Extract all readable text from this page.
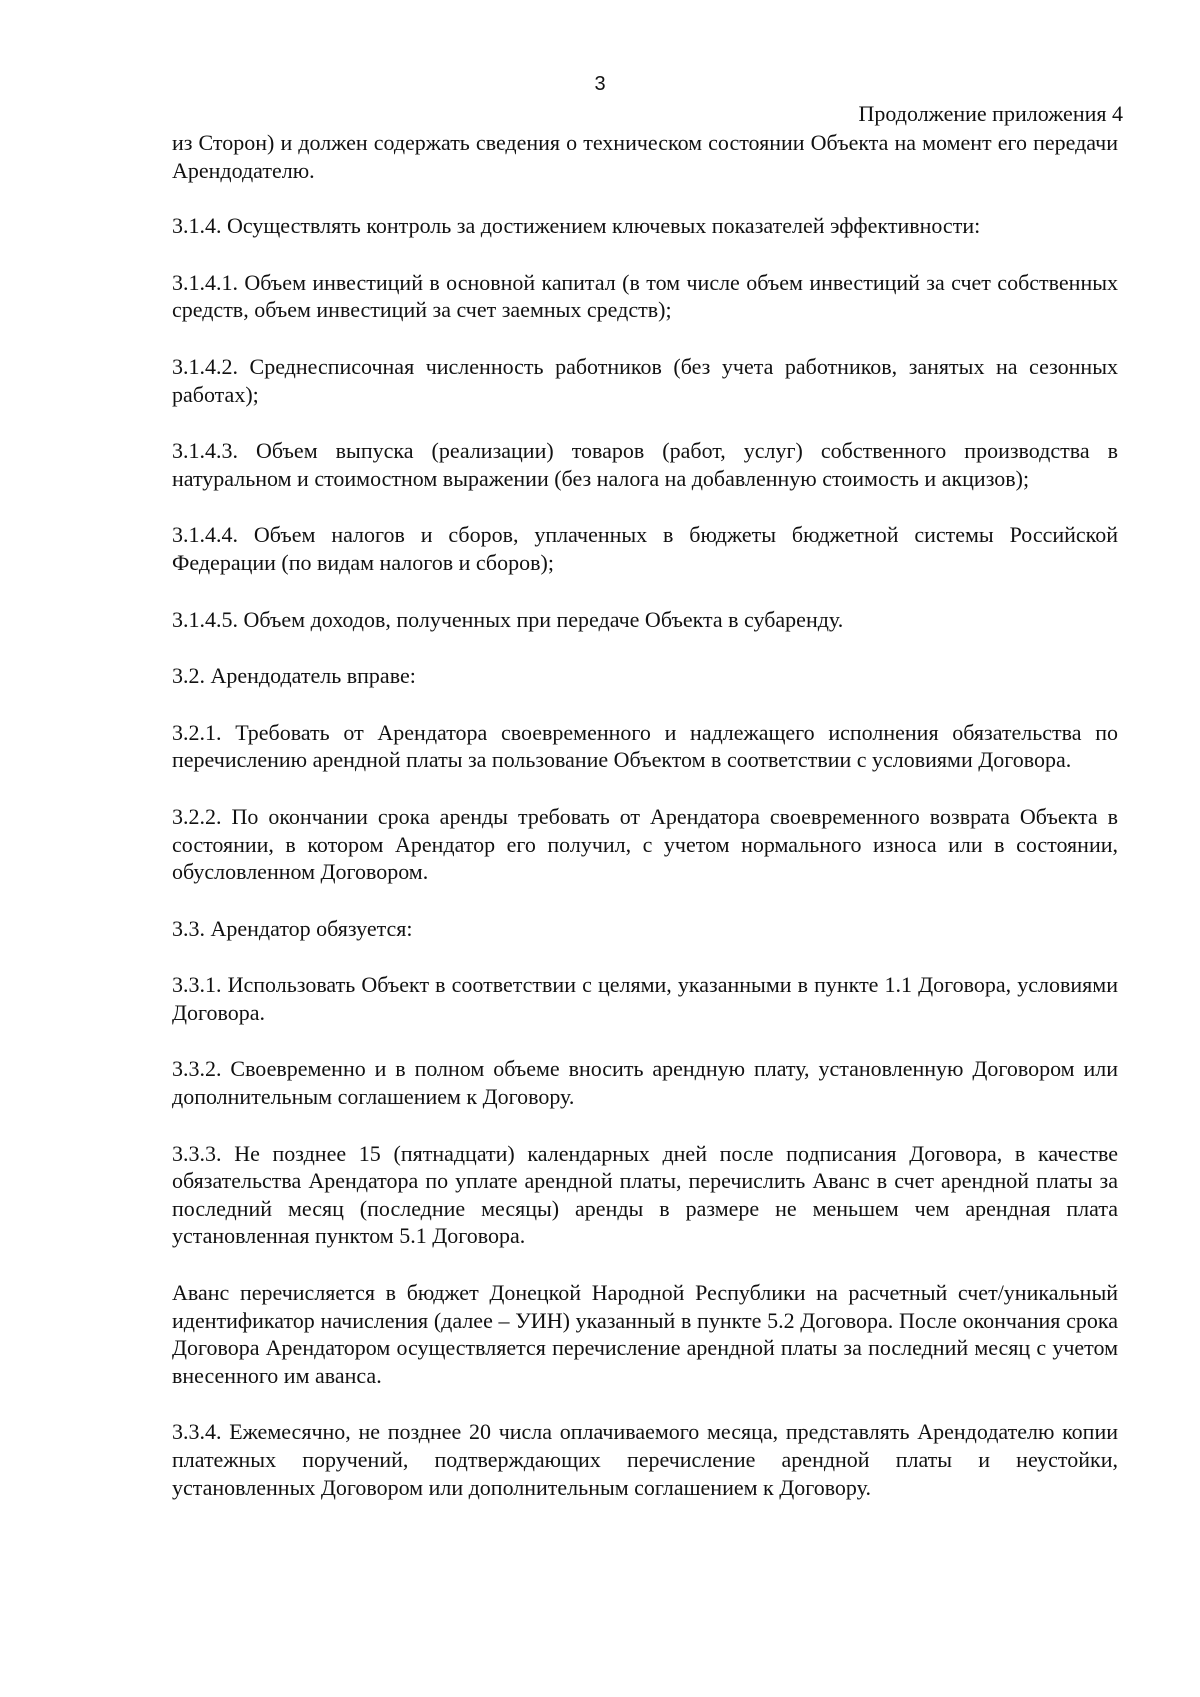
3
Продолжение приложения 4

из Сторон) и должен содержать сведения о техническом состоянии Объекта на момент его передачи Арендодателю.

3.1.4. Осуществлять контроль за достижением ключевых показателей эффективности:

3.1.4.1. Объем инвестиций в основной капитал (в том числе объем инвестиций за счет собственных средств, объем инвестиций за счет заемных средств);

3.1.4.2. Среднесписочная численность работников (без учета работников, занятых на сезонных работах);

3.1.4.3. Объем выпуска (реализации) товаров (работ, услуг) собственного производства в натуральном и стоимостном выражении (без налога на добавленную стоимость и акцизов);

3.1.4.4. Объем налогов и сборов, уплаченных в бюджеты бюджетной системы Российской Федерации (по видам налогов и сборов);

3.1.4.5. Объем доходов, полученных при передаче Объекта в субаренду.

3.2. Арендодатель вправе:

3.2.1. Требовать от Арендатора своевременного и надлежащего исполнения обязательства по перечислению арендной платы за пользование Объектом в соответствии с условиями Договора.

3.2.2. По окончании срока аренды требовать от Арендатора своевременного возврата Объекта в состоянии, в котором Арендатор его получил, с учетом нормального износа или в состоянии, обусловленном Договором.

3.3. Арендатор обязуется:

3.3.1. Использовать Объект в соответствии с целями, указанными в пункте 1.1 Договора, условиями Договора.

3.3.2. Своевременно и в полном объеме вносить арендную плату, установленную Договором или дополнительным соглашением к Договору.

3.3.3. Не позднее 15 (пятнадцати) календарных дней после подписания Договора, в качестве обязательства Арендатора по уплате арендной платы, перечислить Аванс в счет арендной платы за последний месяц (последние месяцы) аренды в размере не меньшем чем арендная плата установленная пунктом 5.1 Договора.

Аванс перечисляется в бюджет Донецкой Народной Республики на расчетный счет/уникальный идентификатор начисления (далее – УИН) указанный в пункте 5.2 Договора. После окончания срока Договора Арендатором осуществляется перечисление арендной платы за последний месяц с учетом внесенного им аванса.

3.3.4. Ежемесячно, не позднее 20 числа оплачиваемого месяца, представлять Арендодателю копии платежных поручений, подтверждающих перечисление арендной платы и неустойки, установленных Договором или дополнительным соглашением к Договору.
